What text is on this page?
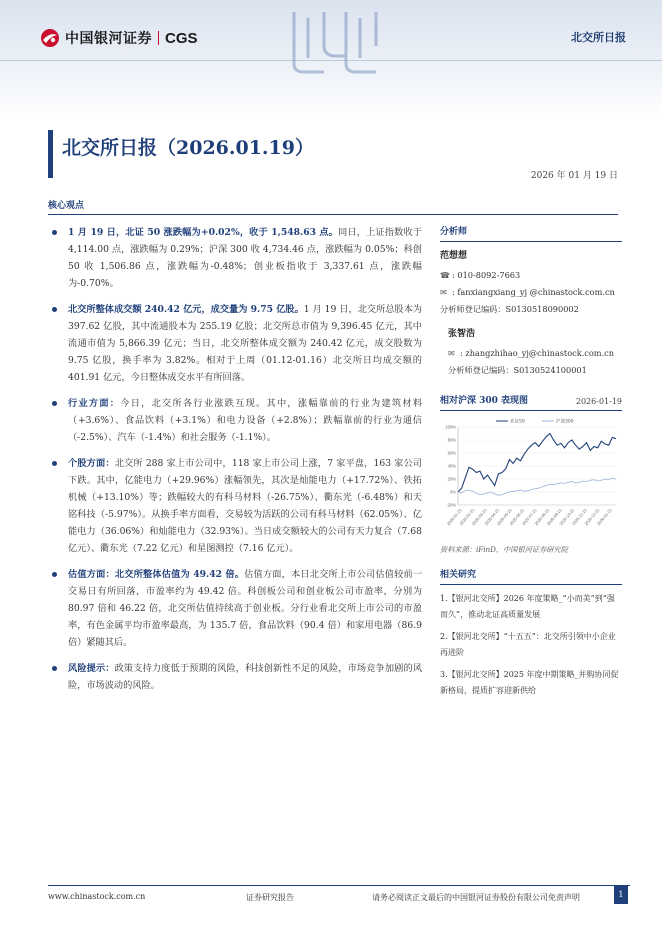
中国银河证券 CGS	北交所日报
北交所日报（2026.01.19）
2026 年 01 月 19 日
核心观点
1 月 19 日，北证 50 涨跌幅为+0.02%，收于 1,548.63 点。同日，上证指数收于 4,114.00 点，涨跌幅为 0.29%；沪深 300 收 4,734.46 点，涨跌幅为 0.05%；科创 50 收 1,506.86 点，涨跌幅为-0.48%；创业板指收于 3,337.61 点，涨跌幅为-0.70%。
北交所整体成交额 240.42 亿元，成交量为 9.75 亿股。1 月 19 日，北交所总股本为 397.62 亿股，其中流通股本为 255.19 亿股；北交所总市值为 9,396.45 亿元，其中流通市值为 5,866.39 亿元；当日，北交所整体成交额为 240.42 亿元，成交股数为 9.75 亿股，换手率为 3.82%。相对于上周（01.12-01.16）北交所日均成交额的 401.91 亿元，今日整体成交水平有所回落。
行业方面：今日，北交所各行业涨跌互现。其中，涨幅靠前的行业为建筑材料（+3.6%）、食品饮料（+3.1%）和电力设备（+2.8%）；跌幅靠前的行业为通信（-2.5%）、汽车（-1.4%）和社会服务（-1.1%）。
个股方面：北交所 288 家上市公司中，118 家上市公司上涨，7 家平盘，163 家公司下跌。其中，亿能电力（+29.96%）涨幅领先，其次是灿能电力（+17.72%）、铁拓机械（+13.10%）等；跌幅较大的有科马材料（-26.75%）、衢东光（-6.48%）和天铭科技（-5.97%）。从换手率方面看，交易较为活跃的公司有科马材料（62.05%）、亿能电力（36.06%）和灿能电力（32.93%）。当日成交额较大的公司有天力复合（7.68 亿元）、衢东光（7.22 亿元）和星图测控（7.16 亿元）。
估值方面：北交所整体估值为 49.42 倍。估值方面，本日北交所上市公司估值较前一交易日有所回落，市盈率约为 49.42 倍。科创板公司和创业板公司市盈率，分别为 80.97 倍和 46.22 倍，北交所估值持续高于创业板。分行业看北交所上市公司的市盈率，有色金属平均市盈率最高，为 135.7 倍，食品饮料（90.4 倍）和家用电器（86.9 倍）紧随其后。
风险提示：政策支持力度低于预期的风险，科技创新性不足的风险，市场竞争加剧的风险，市场波动的风险。
分析师
范想想
☎ : 010-8092-7663
✉ : fanxiangxiang_yj @chinastock.com.cn
分析师登记编码：S0130518090002
张智浩
✉ : zhangzhihao_yj@chinastock.com.cn
分析师登记编码：S0130524100001
相对沪深 300 表现图	2026-01-19
100%
80%
60%
40%
20%
0%
-20%
2025-01-21
2025-02-21
2025-03-21
2025-04-21
2025-05-21
2025-06-21
2025-07-21
2025-08-21
2025-09-21
2025-10-21
2025-11-21
2025-12-21
2026-01-21
北证50	沪深300
资料来源：iFinD，中国银河证券研究院
相关研究
1.【银河北交所】2026 年度策略_“小而美”到“强而久”，推动北证高质量发展
2.【银河北交所】“十五五”：北交所引领中小企业再进阶
3.【银河北交所】2025 年度中期策略_并购协同促新格局，提质扩容迎新供给
www.chinastock.com.cn	证券研究报告	请务必阅读正文最后的中国银河证券股份有限公司免责声明	1
